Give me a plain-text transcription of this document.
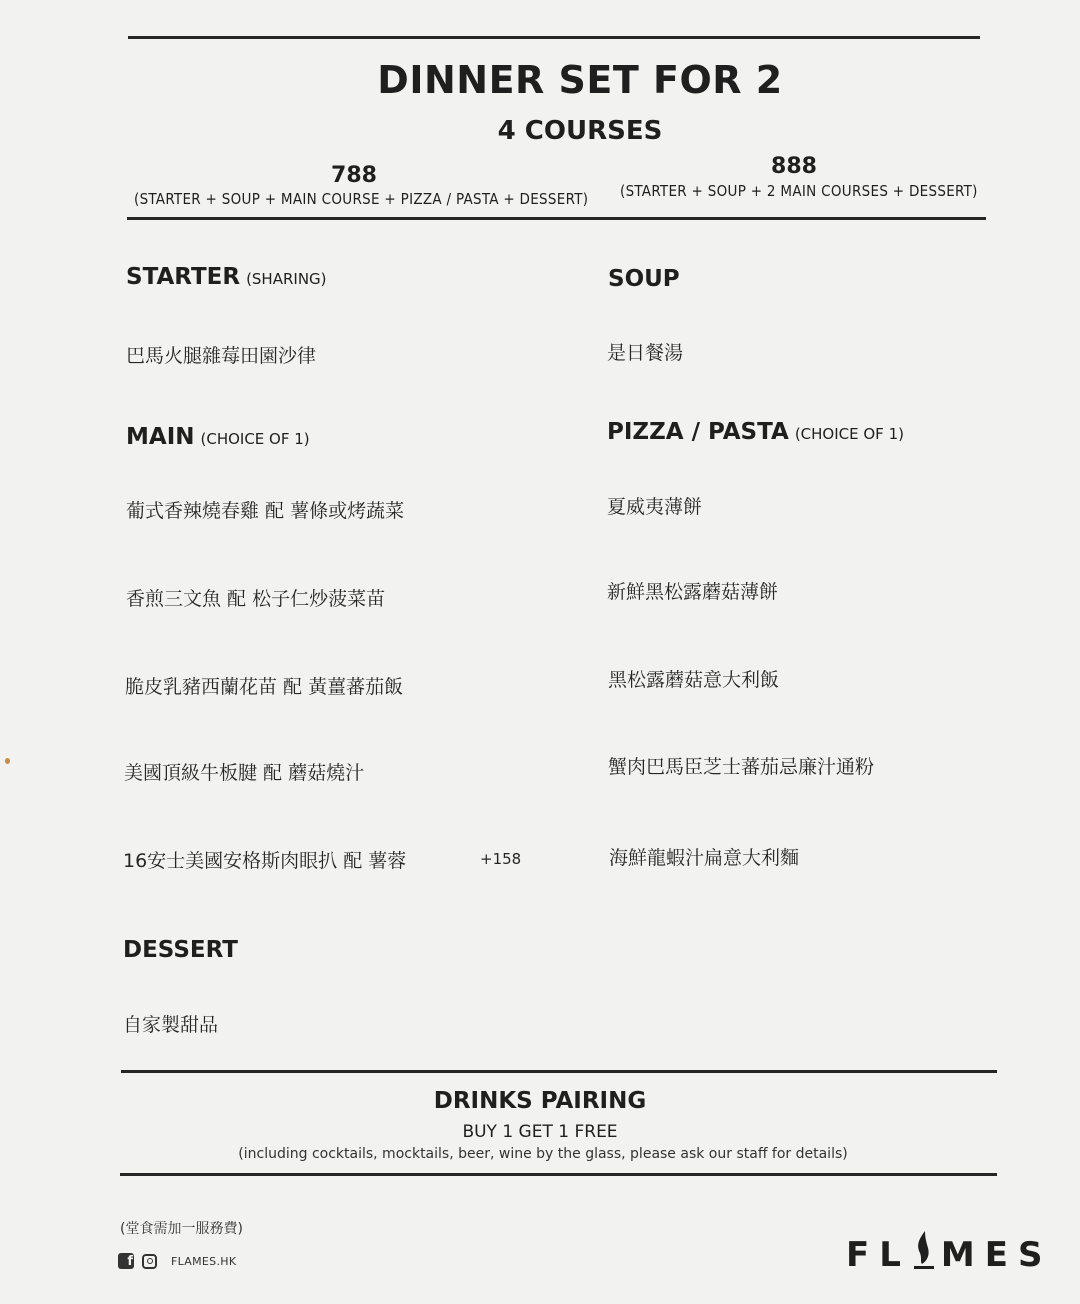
DINNER SET FOR 2
4 COURSES
788
(STARTER + SOUP + MAIN COURSE + PIZZA / PASTA + DESSERT)
888
(STARTER + SOUP + 2 MAIN COURSES + DESSERT)
STARTER (SHARING)
巴馬火腿雜莓田園沙律
SOUP
是日餐湯
MAIN (CHOICE OF 1)
葡式香辣燒春雞 配 薯條或烤蔬菜
香煎三文魚 配 松子仁炒菠菜苗
脆皮乳豬西蘭花苗 配 黃薑蕃茄飯
美國頂級牛板腱 配 蘑菇燒汁
16安士美國安格斯肉眼扒 配 薯蓉	+158
PIZZA / PASTA (CHOICE OF 1)
夏威夷薄餅
新鮮黑松露蘑菇薄餅
黑松露蘑菇意大利飯
蟹肉巴馬臣芝士蕃茄忌廉汁通粉
海鮮龍蝦汁扁意大利麵
DESSERT
自家製甜品
DRINKS PAIRING
BUY 1 GET 1 FREE
(including cocktails, mocktails, beer, wine by the glass, please ask our staff for details)
(堂食需加一服務費)
f	FLAMES.HK	FL MES
